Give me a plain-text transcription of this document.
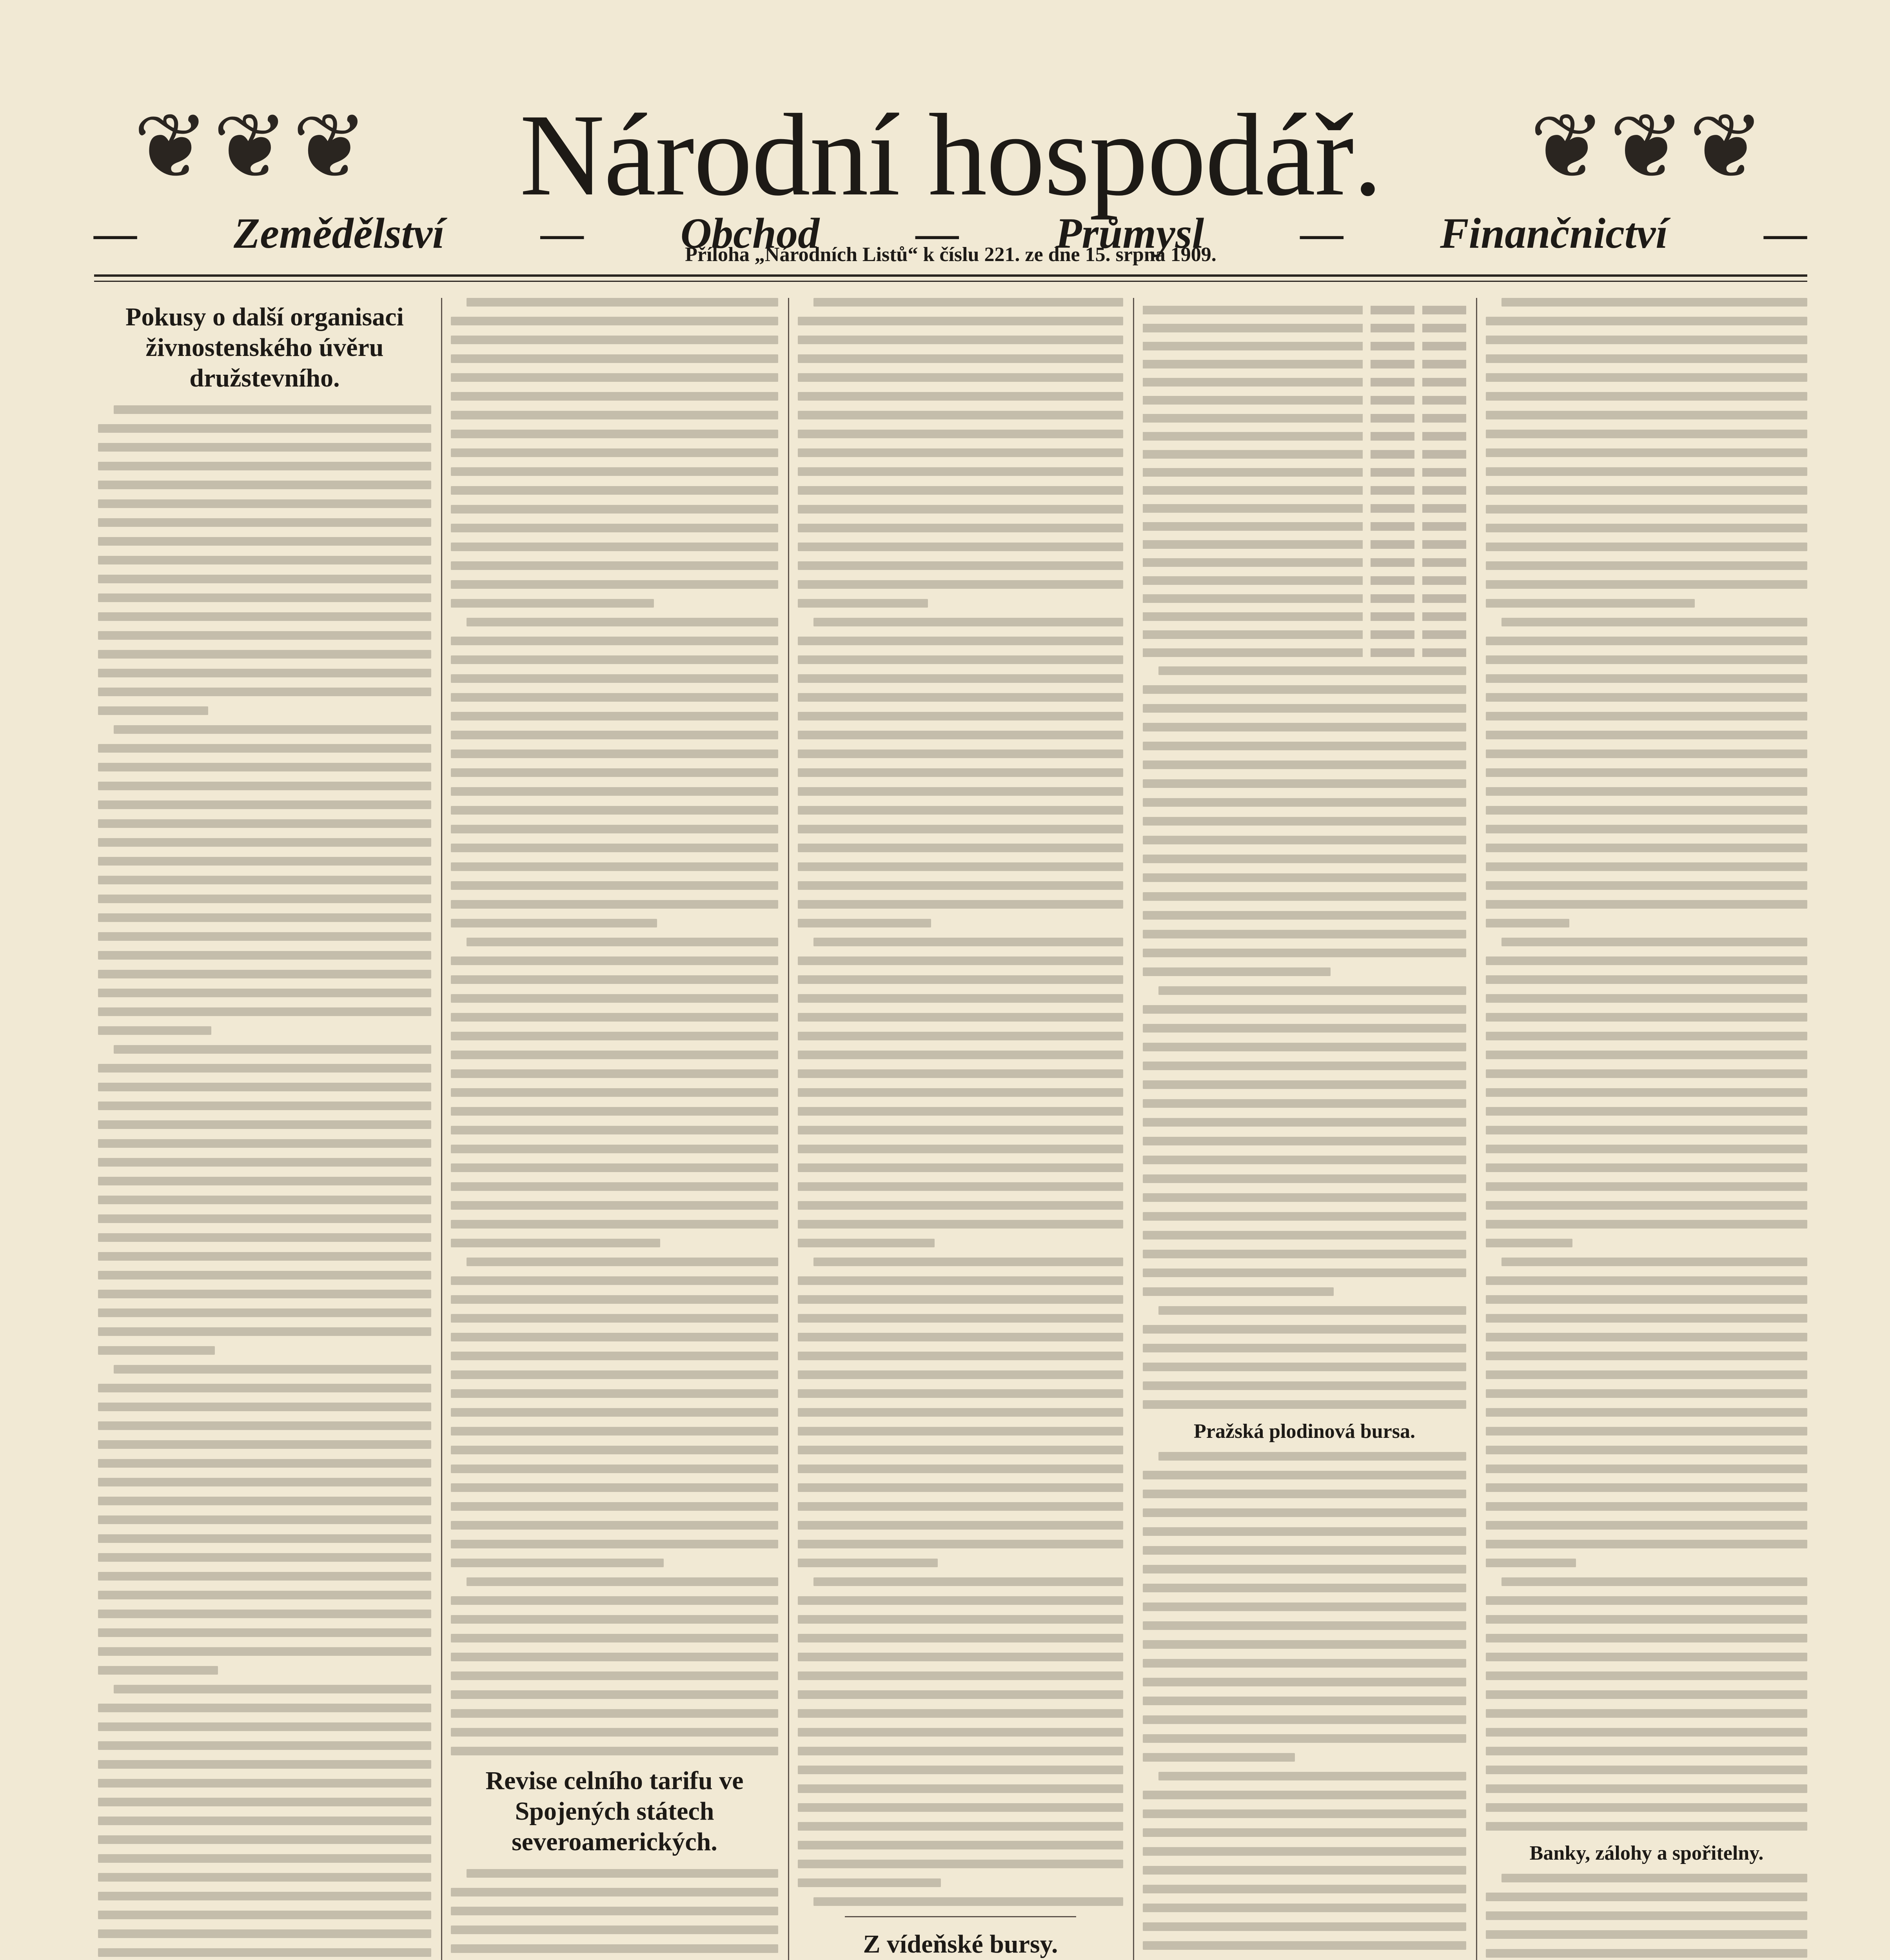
❦❦❦	❦❦❦
Národní hospodář.
— Zemědělství — Obchod — Průmysl — Finančnictví —
Příloha „Národních Listů“ k číslu 221. ze dne 15. srpna 1909.
Pokusy o další organisaci živnostenského úvěru družstevního.
Revise celního tarifu ve Spojených státech severoamerických.
Z vídeňské bursy.
Pražská plodinová bursa.
Banky, zálohy a spořitelny.
